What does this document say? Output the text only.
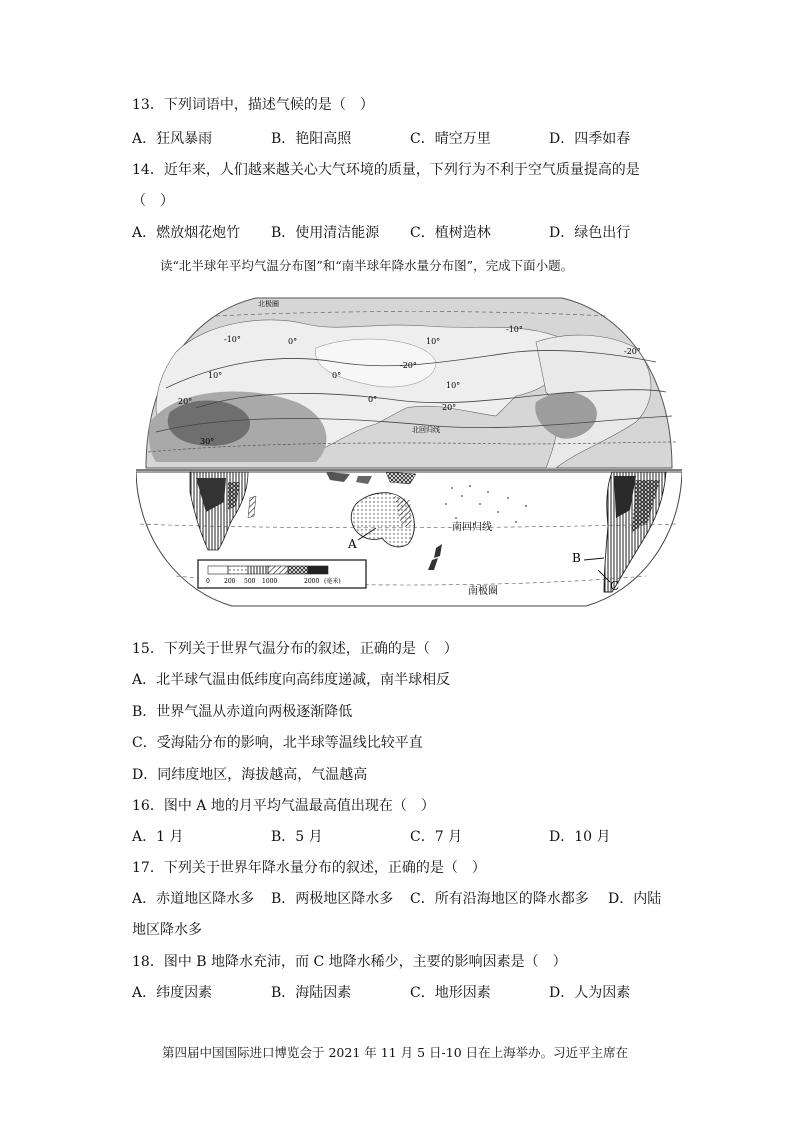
13．下列词语中，描述气候的是（　）
A．狂风暴雨	B．艳阳高照	C．晴空万里	D．四季如春
14．近年来，人们越来越关心大气环境的质量，下列行为不利于空气质量提高的是
（　）
A．燃放烟花炮竹 B．使用清洁能源 C．植树造林	D．绿色出行
读“北半球年平均气温分布图”和“南半球年降水量分布图”，完成下面小题。
-10°	0°
0°
10°
10°
-10°
-20°
-20°
0°
10°
20°
20°
30°
北极圈
北回归线
南回归线
南极圈
A
B
C
0 200 500 1000	2000 (毫米)
15．下列关于世界气温分布的叙述，正确的是（　）
A．北半球气温由低纬度向高纬度递减，南半球相反
B．世界气温从赤道向两极逐渐降低
C．受海陆分布的影响，北半球等温线比较平直
D．同纬度地区，海拔越高，气温越高
16．图中 A 地的月平均气温最高值出现在（　）
A．1 月	B．5 月	C．7 月	D．10 月
17．下列关于世界年降水量分布的叙述，正确的是（　）
A．赤道地区降水多 B．两极地区降水多 C．所有沿海地区的降水都多 D．内陆
地区降水多
18．图中 B 地降水充沛，而 C 地降水稀少，主要的影响因素是（　）
A．纬度因素	B．海陆因素	C．地形因素	D．人为因素
第四届中国国际进口博览会于 2021 年 11 月 5 日-10 日在上海举办。习近平主席在
